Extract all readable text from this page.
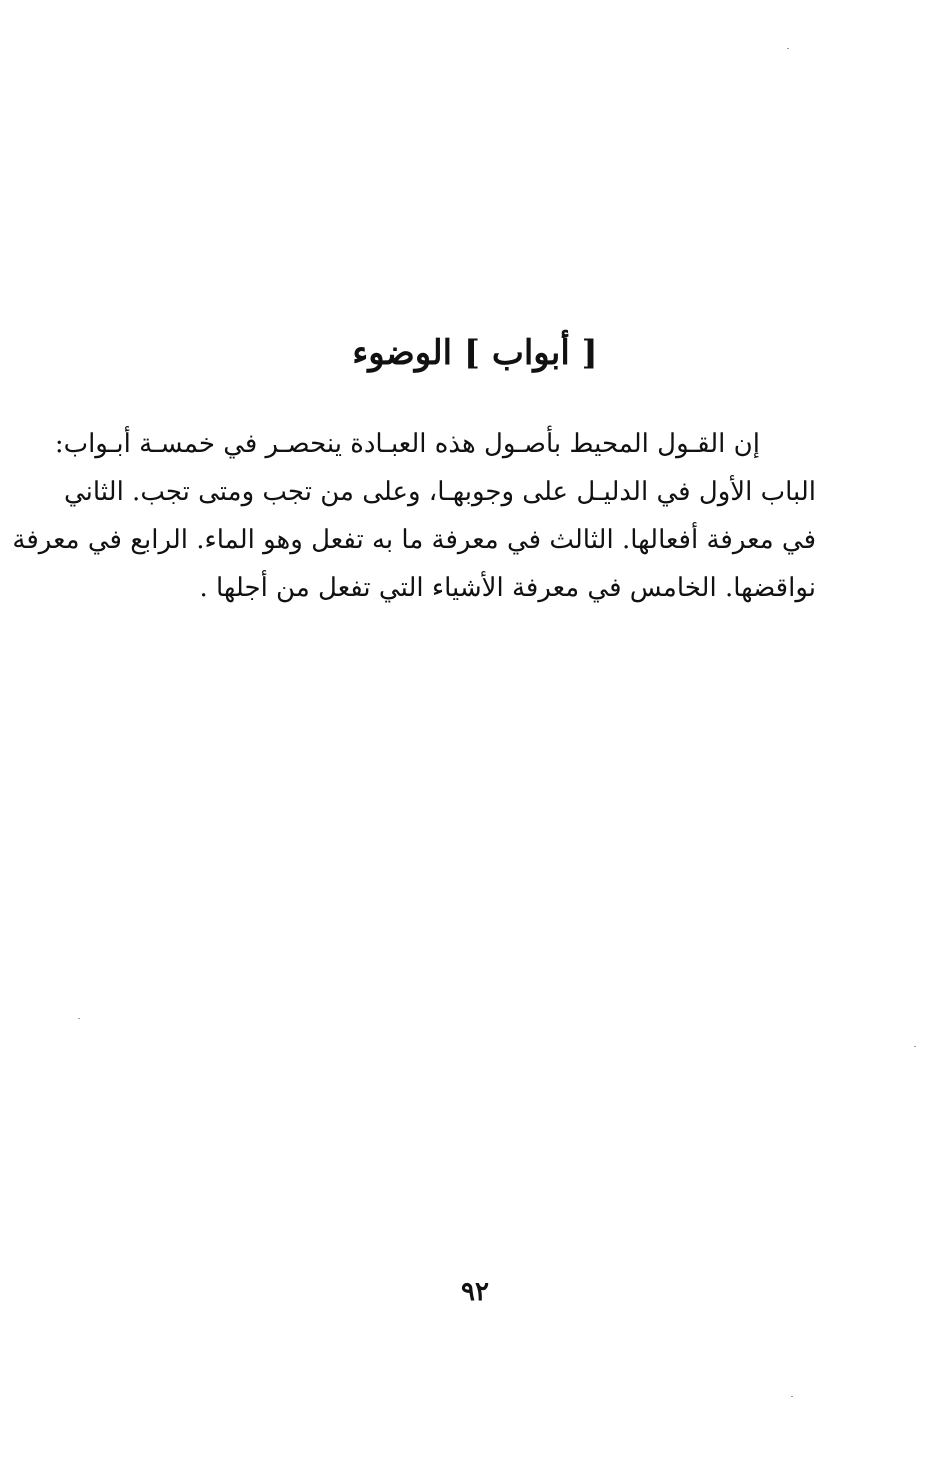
[ أبواب ] الوضوء
إن القـول المحيط بأصـول هذه العبـادة ينحصـر في خمسـة أبـواب:
الباب الأول في الدليـل على وجوبهـا، وعلى من تجب ومتى تجب. الثاني
في معرفة أفعالها. الثالث في معرفة ما به تفعل وهو الماء. الرابع في معرفة
نواقضها. الخامس في معرفة الأشياء التي تفعل من أجلها .
٩٢
